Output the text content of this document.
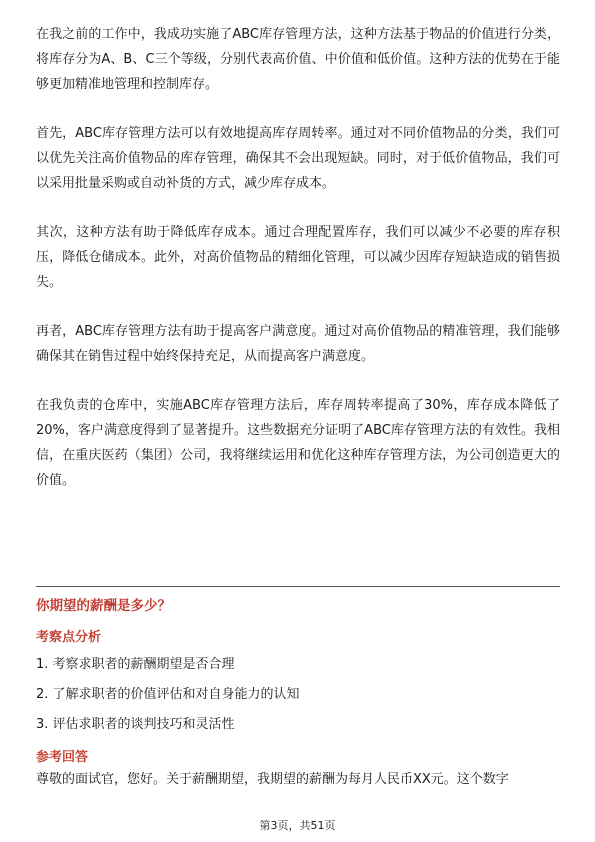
在我之前的工作中，我成功实施了ABC库存管理方法，这种方法基于物品的价值进行分类，将库存分为A、B、C三个等级，分别代表高价值、中价值和低价值。这种方法的优势在于能够更加精准地管理和控制库存。

首先，ABC库存管理方法可以有效地提高库存周转率。通过对不同价值物品的分类，我们可以优先关注高价值物品的库存管理，确保其不会出现短缺。同时，对于低价值物品，我们可以采用批量采购或自动补货的方式，减少库存成本。

其次，这种方法有助于降低库存成本。通过合理配置库存，我们可以减少不必要的库存积压，降低仓储成本。此外，对高价值物品的精细化管理，可以减少因库存短缺造成的销售损失。

再者，ABC库存管理方法有助于提高客户满意度。通过对高价值物品的精准管理，我们能够确保其在销售过程中始终保持充足，从而提高客户满意度。

在我负责的仓库中，实施ABC库存管理方法后，库存周转率提高了30%，库存成本降低了20%，客户满意度得到了显著提升。这些数据充分证明了ABC库存管理方法的有效性。我相信，在重庆医药（集团）公司，我将继续运用和优化这种库存管理方法，为公司创造更大的价值。

你期望的薪酬是多少？
考察点分析
1. 考察求职者的薪酬期望是否合理
2. 了解求职者的价值评估和对自身能力的认知
3. 评估求职者的谈判技巧和灵活性
参考回答

尊敬的面试官，您好。关于薪酬期望，我期望的薪酬为每月人民币XX元。这个数字

第3页，共51页
